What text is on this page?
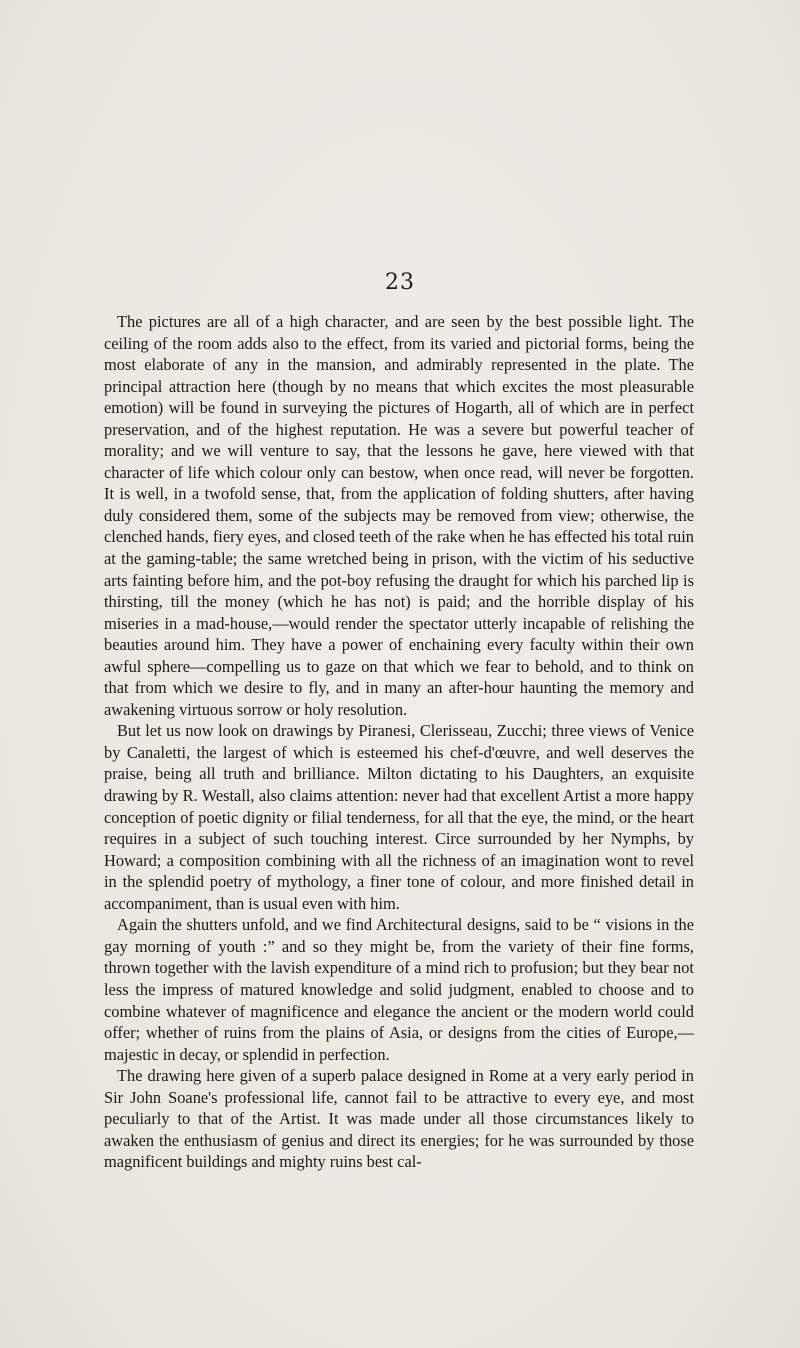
23

The pictures are all of a high character, and are seen by the best possible light. The ceiling of the room adds also to the effect, from its varied and pictorial forms, being the most elaborate of any in the mansion, and admirably represented in the plate. The principal attraction here (though by no means that which excites the most pleasurable emotion) will be found in surveying the pictures of Hogarth, all of which are in perfect preservation, and of the highest reputation. He was a severe but powerful teacher of morality; and we will venture to say, that the lessons he gave, here viewed with that character of life which colour only can bestow, when once read, will never be forgotten. It is well, in a twofold sense, that, from the application of folding shutters, after having duly considered them, some of the subjects may be removed from view; otherwise, the clenched hands, fiery eyes, and closed teeth of the rake when he has effected his total ruin at the gaming-table; the same wretched being in prison, with the victim of his seductive arts fainting before him, and the pot-boy refusing the draught for which his parched lip is thirsting, till the money (which he has not) is paid; and the horrible display of his miseries in a mad-house,—would render the spectator utterly incapable of relishing the beauties around him. They have a power of enchaining every faculty within their own awful sphere—compelling us to gaze on that which we fear to behold, and to think on that from which we desire to fly, and in many an after-hour haunting the memory and awakening virtuous sorrow or holy resolution.

But let us now look on drawings by Piranesi, Clerisseau, Zucchi; three views of Venice by Canaletti, the largest of which is esteemed his chef-d'œuvre, and well deserves the praise, being all truth and brilliance. Milton dictating to his Daughters, an exquisite drawing by R. Westall, also claims attention: never had that excellent Artist a more happy conception of poetic dignity or filial tenderness, for all that the eye, the mind, or the heart requires in a subject of such touching interest. Circe surrounded by her Nymphs, by Howard; a composition combining with all the richness of an imagination wont to revel in the splendid poetry of mythology, a finer tone of colour, and more finished detail in accompaniment, than is usual even with him.

Again the shutters unfold, and we find Architectural designs, said to be “ visions in the gay morning of youth :” and so they might be, from the variety of their fine forms, thrown together with the lavish expenditure of a mind rich to profusion; but they bear not less the impress of matured knowledge and solid judgment, enabled to choose and to combine whatever of magnificence and elegance the ancient or the modern world could offer; whether of ruins from the plains of Asia, or designs from the cities of Europe,—majestic in decay, or splendid in perfection.

The drawing here given of a superb palace designed in Rome at a very early period in Sir John Soane's professional life, cannot fail to be attractive to every eye, and most peculiarly to that of the Artist. It was made under all those circumstances likely to awaken the enthusiasm of genius and direct its energies; for he was surrounded by those magnificent buildings and mighty ruins best cal-
